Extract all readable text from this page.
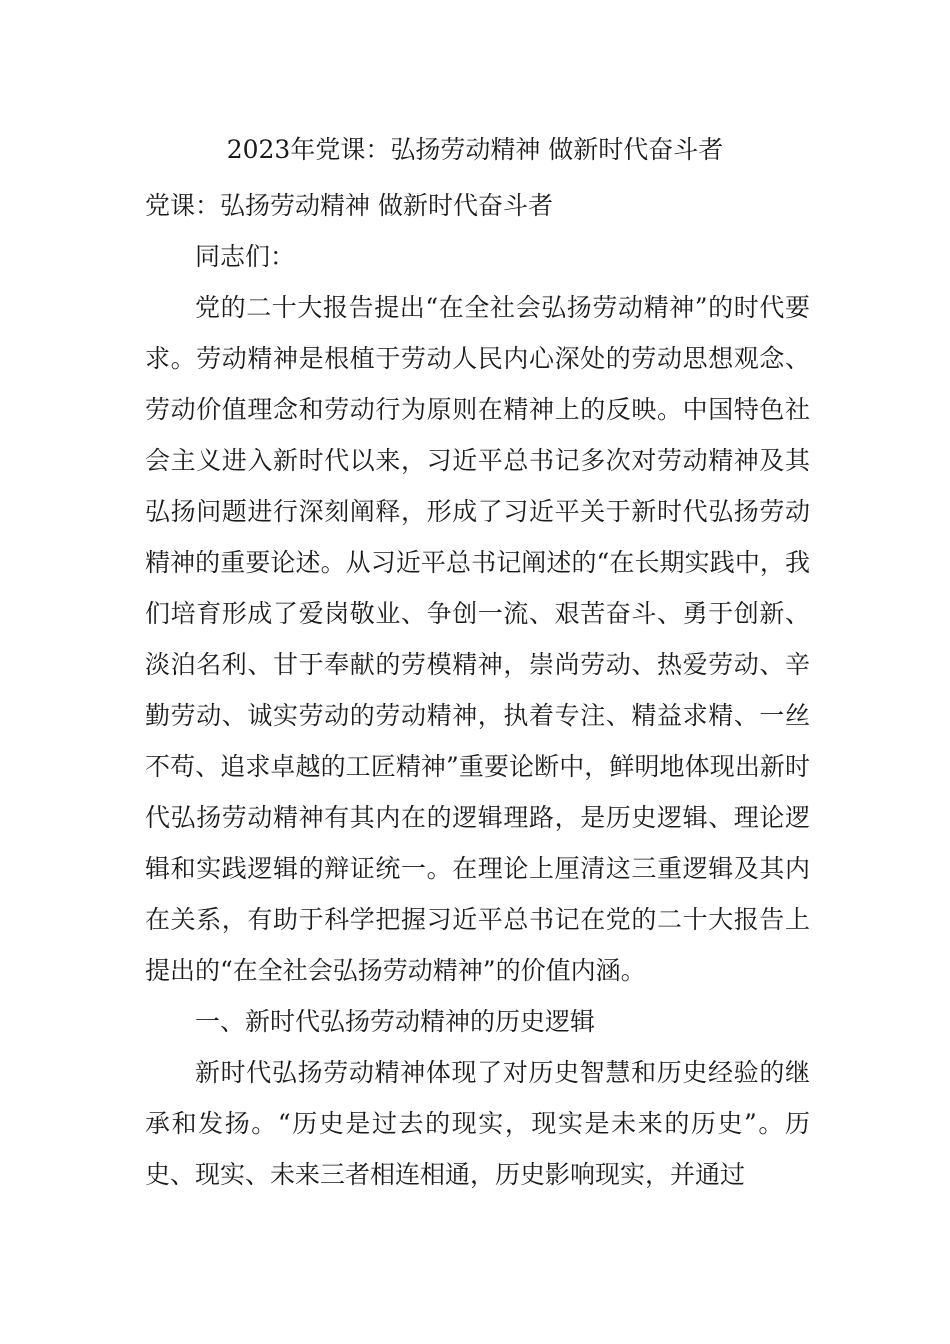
2023年党课：弘扬劳动精神 做新时代奋斗者

党课：弘扬劳动精神 做新时代奋斗者

同志们：

党的二十大报告提出“在全社会弘扬劳动精神”的时代要求。劳动精神是根植于劳动人民内心深处的劳动思想观念、劳动价值理念和劳动行为原则在精神上的反映。中国特色社会主义进入新时代以来，习近平总书记多次对劳动精神及其弘扬问题进行深刻阐释，形成了习近平关于新时代弘扬劳动精神的重要论述。从习近平总书记阐述的“在长期实践中，我们培育形成了爱岗敬业、争创一流、艰苦奋斗、勇于创新、淡泊名利、甘于奉献的劳模精神，崇尚劳动、热爱劳动、辛勤劳动、诚实劳动的劳动精神，执着专注、精益求精、一丝不苟、追求卓越的工匠精神”重要论断中，鲜明地体现出新时代弘扬劳动精神有其内在的逻辑理路，是历史逻辑、理论逻辑和实践逻辑的辩证统一。在理论上厘清这三重逻辑及其内在关系，有助于科学把握习近平总书记在党的二十大报告上提出的“在全社会弘扬劳动精神”的价值内涵。

一、新时代弘扬劳动精神的历史逻辑

新时代弘扬劳动精神体现了对历史智慧和历史经验的继承和发扬。“历史是过去的现实，现实是未来的历史”。历史、现实、未来三者相连相通，历史影响现实，并通过
